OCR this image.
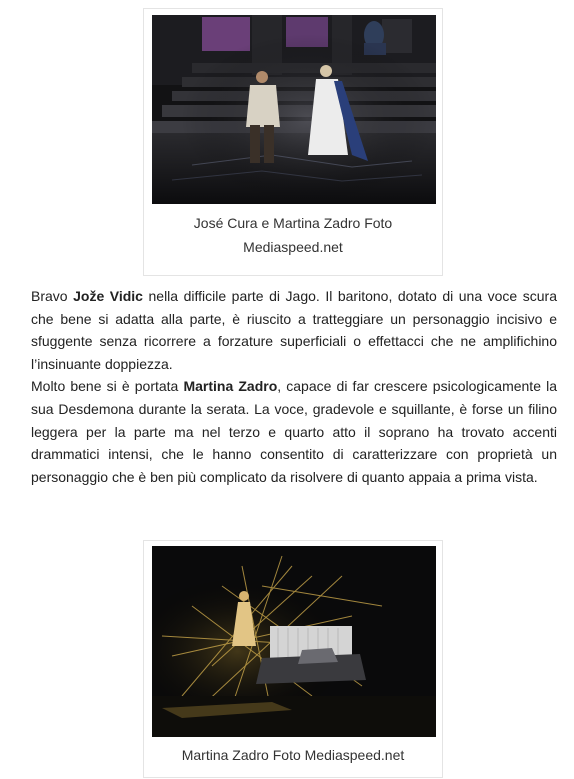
José Cura e Martina Zadro Foto Mediaspeed.net

Bravo Jože Vidic nella difficile parte di Jago. Il baritono, dotato di una voce scura che bene si adatta alla parte, è riuscito a tratteggiare un personaggio incisivo e sfuggente senza ricorrere a forzature superficiali o effettacci che ne amplifichino l’insinuante doppiezza.

Molto bene si è portata Martina Zadro, capace di far crescere psicologicamente la sua Desdemona durante la serata. La voce, gradevole e squillante, è forse un filino leggera per la parte ma nel terzo e quarto atto il soprano ha trovato accenti drammatici intensi, che le hanno consentito di caratterizzare con proprietà un personaggio che è ben più complicato da risolvere di quanto appaia a prima vista.

Martina Zadro Foto Mediaspeed.net
